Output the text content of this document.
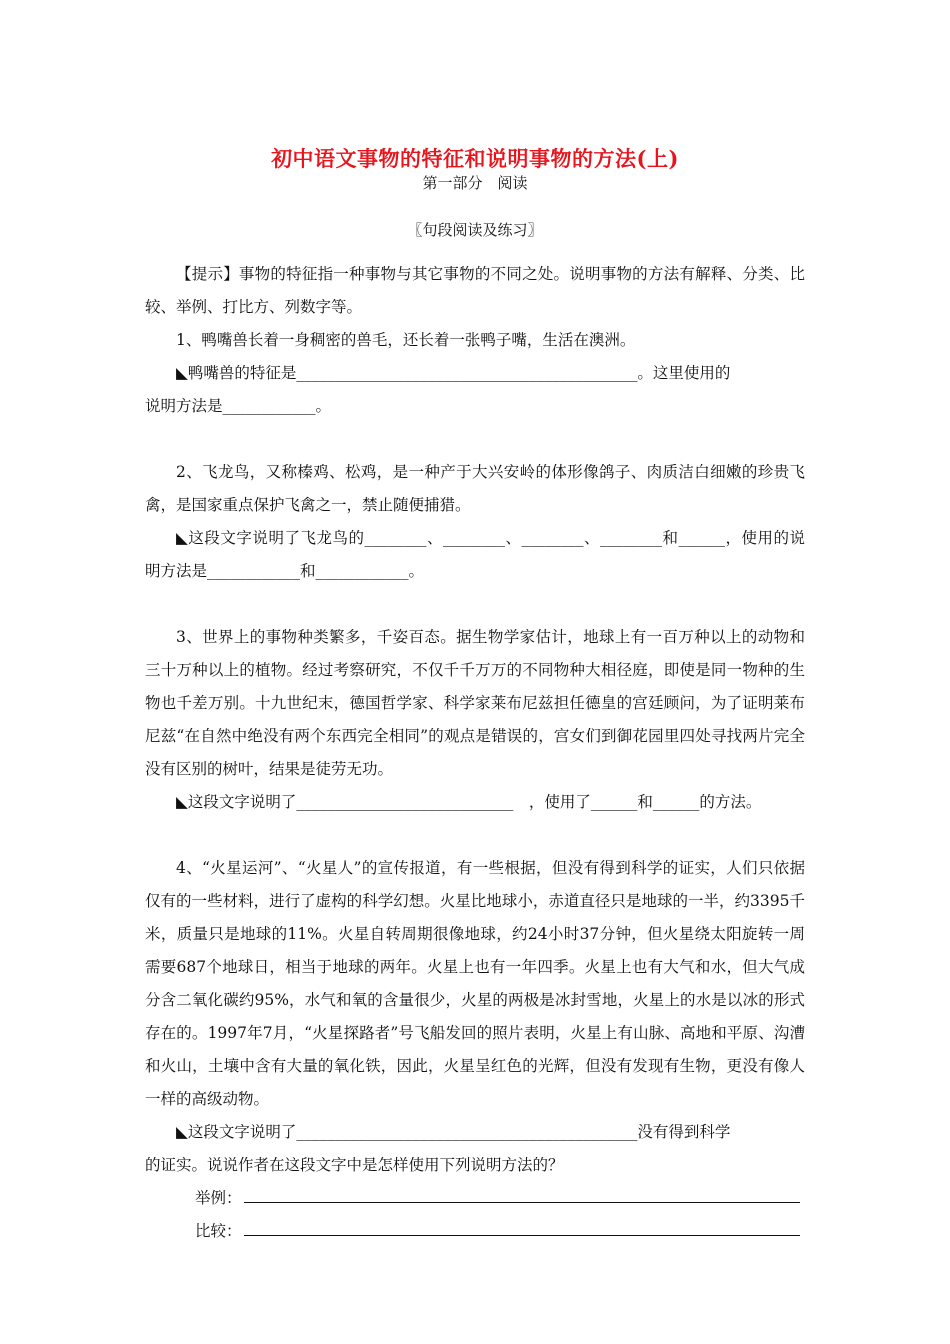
初中语文事物的特征和说明事物的方法(上)
第一部分　阅读
〖句段阅读及练习〗

【提示】事物的特征指一种事物与其它事物的不同之处。说明事物的方法有解释、分类、比较、举例、打比方、列数字等。

1、鸭嘴兽长着一身稠密的兽毛，还长着一张鸭子嘴，生活在澳洲。

◣鸭嘴兽的特征是____________________________________________。这里使用的

说明方法是____________。

2、飞龙鸟，又称榛鸡、松鸡，是一种产于大兴安岭的体形像鸽子、肉质洁白细嫩的珍贵飞禽，是国家重点保护飞禽之一，禁止随便捕猎。

◣这段文字说明了飞龙鸟的________、________、________、________和______，使用的说明方法是____________和____________。

3、世界上的事物种类繁多，千姿百态。据生物学家估计，地球上有一百万种以上的动物和三十万种以上的植物。经过考察研究，不仅千千万万的不同物种大相径庭，即使是同一物种的生物也千差万别。十九世纪末，德国哲学家、科学家莱布尼兹担任德皇的宫廷顾问，为了证明莱布尼兹“在自然中绝没有两个东西完全相同”的观点是错误的，宫女们到御花园里四处寻找两片完全没有区别的树叶，结果是徒劳无功。

◣这段文字说明了____________________________　，使用了______和______的方法。

4、“火星运河”、“火星人”的宣传报道，有一些根据，但没有得到科学的证实，人们只依据仅有的一些材料，进行了虚构的科学幻想。火星比地球小，赤道直径只是地球的一半，约3395千米，质量只是地球的11%。火星自转周期很像地球，约24小时37分钟，但火星绕太阳旋转一周需要687个地球日，相当于地球的两年。火星上也有一年四季。火星上也有大气和水，但大气成分含二氧化碳约95%，水气和氧的含量很少，火星的两极是冰封雪地，火星上的水是以冰的形式存在的。1997年7月，“火星探路者”号飞船发回的照片表明，火星上有山脉、高地和平原、沟漕和火山，土壤中含有大量的氧化铁，因此，火星呈红色的光辉，但没有发现有生物，更没有像人一样的高级动物。

◣这段文字说明了____________________________________________没有得到科学

的证实。说说作者在这段文字中是怎样使用下列说明方法的？

举例：
比较：
